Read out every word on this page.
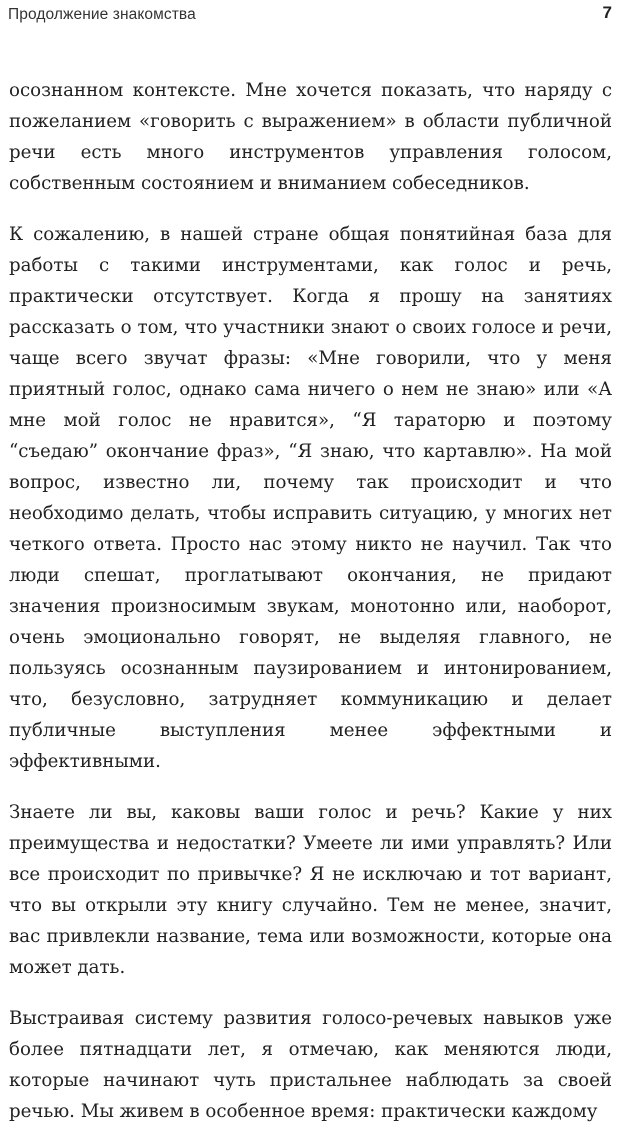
Продолжение знакомства	7

осознанном контексте. Мне хочется показать, что наряду с пожеланием «говорить с выражением» в области публичной речи есть много инструментов управления голосом, собственным состоянием и вниманием собеседников.

К сожалению, в нашей стране общая понятийная база для работы с такими инструментами, как голос и речь, практически отсутствует. Когда я прошу на занятиях рассказать о том, что участники знают о своих голосе и речи, чаще всего звучат фразы: «Мне говорили, что у меня приятный голос, однако сама ничего о нем не знаю» или «А мне мой голос не нравится», “Я тараторю и поэтому “съедаю” окончание фраз», “Я знаю, что картавлю». На мой вопрос, известно ли, почему так происходит и что необходимо делать, чтобы исправить ситуацию, у многих нет четкого ответа. Просто нас этому никто не научил. Так что люди спешат, проглатывают окончания, не придают значения произносимым звукам, монотонно или, наоборот, очень эмоционально говорят, не выделяя главного, не пользуясь осознанным паузированием и интонированием, что, безусловно, затрудняет коммуникацию и делает публичные выступления менее эффектными и эффективными.

Знаете ли вы, каковы ваши голос и речь? Какие у них преимущества и недостатки? Умеете ли ими управлять? Или все происходит по привычке? Я не исключаю и тот вариант, что вы открыли эту книгу случайно. Тем не менее, значит, вас привлекли название, тема или возможности, которые она может дать.

Выстраивая систему развития голосо-речевых навыков уже более пятнадцати лет, я отмечаю, как меняются люди, которые начинают чуть пристальнее наблюдать за своей речью. Мы живем в особенное время: практически каждому
